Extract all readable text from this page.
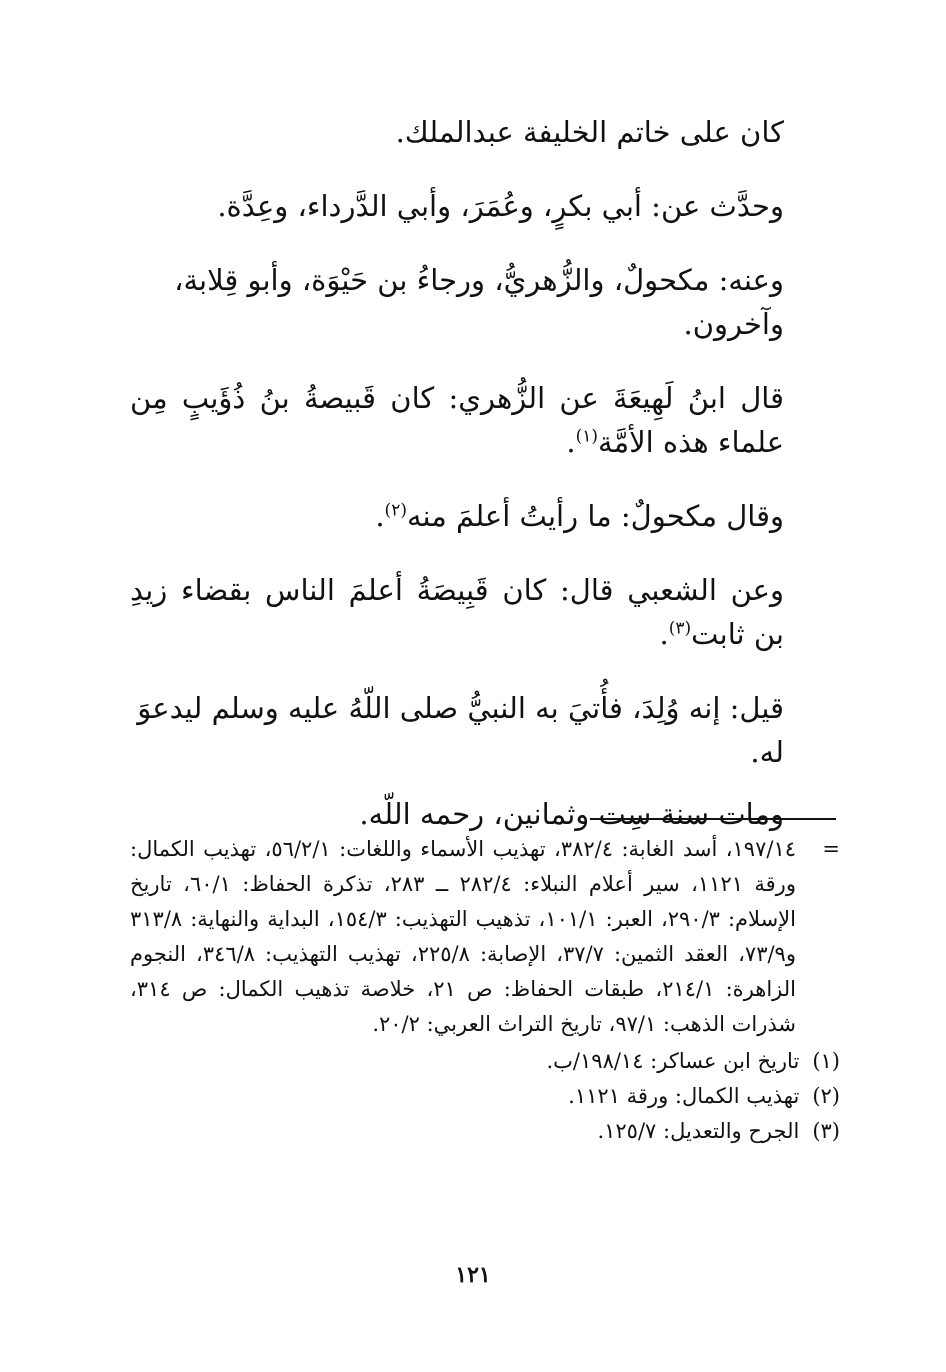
كان على خاتم الخليفة عبدالملك.

وحدَّث عن: أبي بكرٍ، وعُمَرَ، وأبي الدَّرداء، وعِدَّة.

وعنه: مكحولٌ، والزُّهريُّ، ورجاءُ بن حَيْوَة، وأبو قِلابة، وآخرون.

قال ابنُ لَهِيعَةَ عن الزُّهري: كان قَبيصةُ بنُ ذُؤَيبٍ مِن علماء هذه الأمَّة$^{(١)}$.

وقال مكحولٌ: ما رأيتُ أعلمَ منه$^{(٢)}$.

وعن الشعبي قال: كان قَبِيصَةُ أعلمَ الناس بقضاء زيدِ بن ثابت$^{(٣)}$.

قيل: إنه وُلِدَ، فأُتيَ به النبيُّ صلى اللّهُ عليه وسلم ليدعوَ له.

ومات سنة سِت وثمانين، رحمه اللّه.

=
١٩٧/١٤، أسد الغابة: ٣٨٢/٤، تهذيب الأسماء واللغات: ٥٦/٢/١، تهذيب الكمال: ورقة ١١٢١، سير أعلام النبلاء: ٢٨٢/٤ ــ ٢٨٣، تذكرة الحفاظ: ٦٠/١، تاريخ الإسلام: ٢٩٠/٣، العبر: ١٠١/١، تذهيب التهذيب: ١٥٤/٣، البداية والنهاية: ٣١٣/٨ و٧٣/٩، العقد الثمين: ٣٧/٧، الإصابة: ٢٢٥/٨، تهذيب التهذيب: ٣٤٦/٨، النجوم الزاهرة: ٢١٤/١، طبقات الحفاظ: ص ٢١، خلاصة تذهيب الكمال: ص ٣١٤، شذرات الذهب: ٩٧/١، تاريخ التراث العربي: ٢٠/٢.

(١) تاريخ ابن عساكر: ١٩٨/١٤/ب.

(٢) تهذيب الكمال: ورقة ١١٢١.

(٣) الجرح والتعديل: ١٢٥/٧.

١٢١
